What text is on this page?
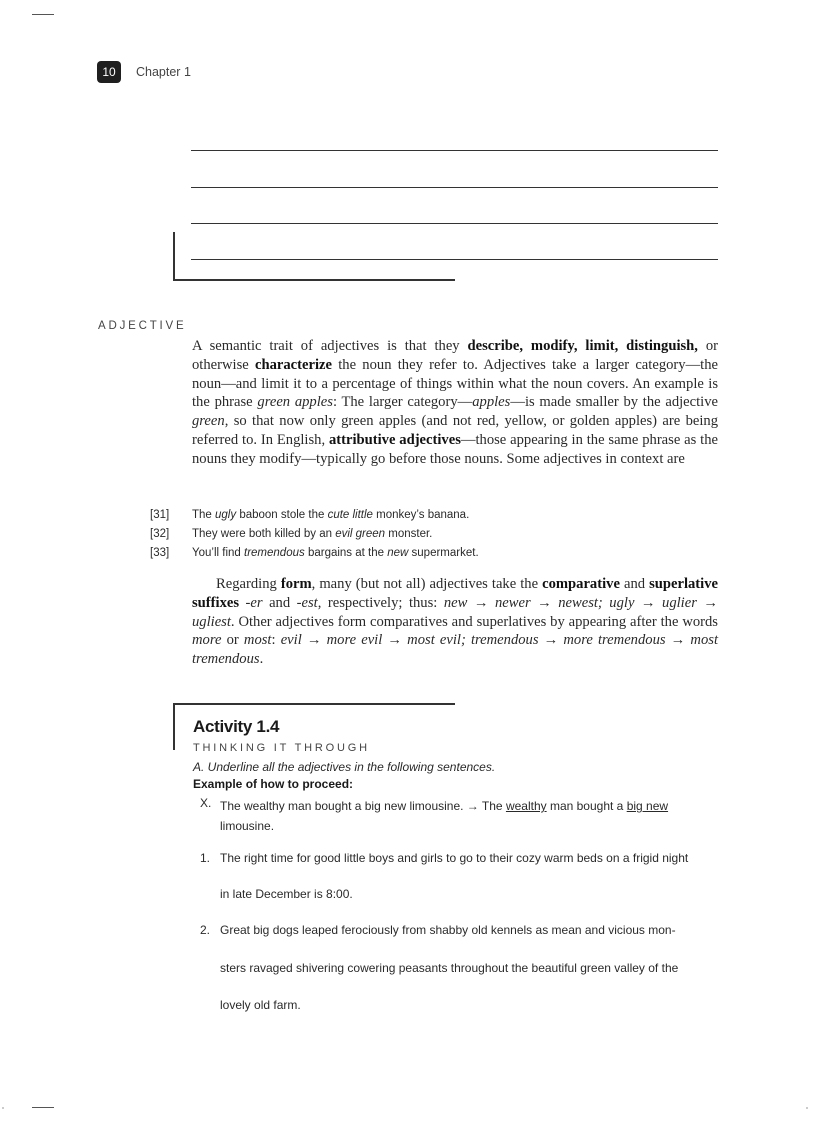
10	Chapter 1
ADJECTIVE
A semantic trait of adjectives is that they describe, modify, limit, distinguish, or otherwise characterize the noun they refer to. Adjectives take a larger category—the noun—and limit it to a percentage of things within what the noun covers. An example is the phrase green apples: The larger category—apples—is made smaller by the adjective green, so that now only green apples (and not red, yellow, or golden apples) are being referred to. In English, attributive adjectives—those appearing in the same phrase as the nouns they modify—typically go before those nouns. Some adjectives in context are
[31]	The ugly baboon stole the cute little monkey’s banana.
[32]	They were both killed by an evil green monster.
[33]	You’ll find tremendous bargains at the new supermarket.
Regarding form, many (but not all) adjectives take the comparative and superlative suffixes -er and -est, respectively; thus: new → newer → newest; ugly → uglier → ugliest. Other adjectives form comparatives and superlatives by appearing after the words more or most: evil → more evil → most evil; tremendous → more tremendous → most tremendous.
Activity 1.4
THINKING IT THROUGH
A. Underline all the adjectives in the following sentences.
Example of how to proceed:
X. The wealthy man bought a big new limousine. → The wealthy man bought a big new limousine.
1. The right time for good little boys and girls to go to their cozy warm beds on a frigid night
in late December is 8:00.
2. Great big dogs leaped ferociously from shabby old kennels as mean and vicious mon-
sters ravaged shivering cowering peasants throughout the beautiful green valley of the
lovely old farm.
